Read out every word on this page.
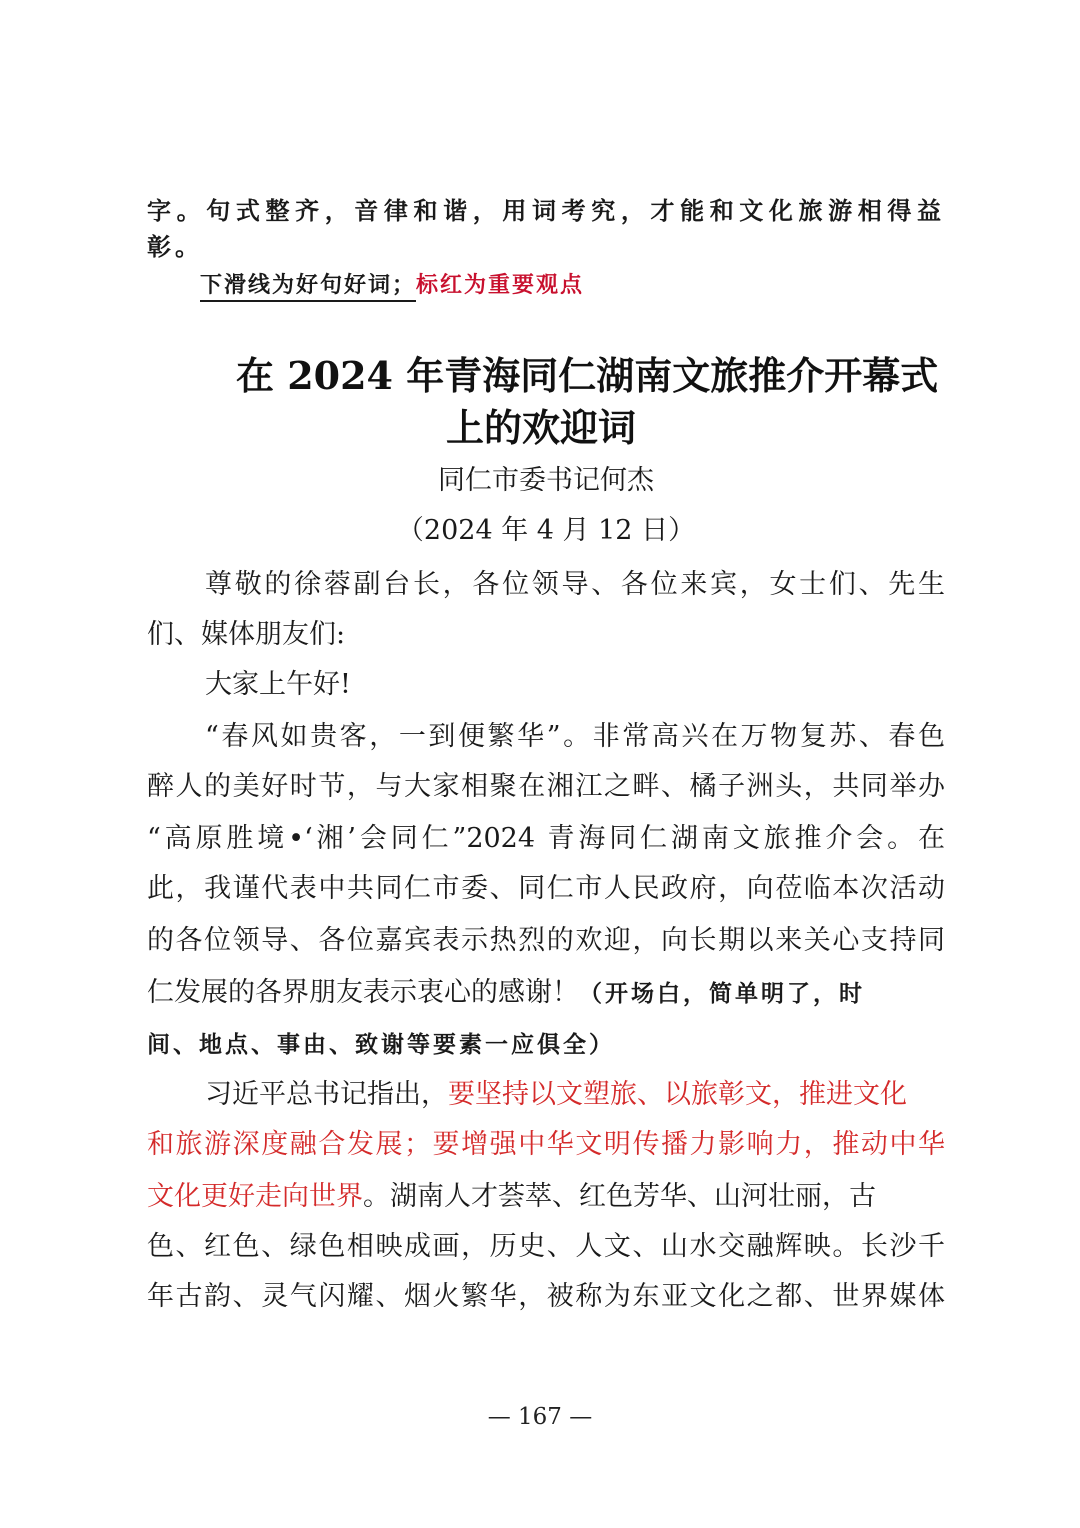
字。句式整齐，音律和谐，用词考究，才能和文化旅游相得益
彰。
下滑线为好句好词；标红为重要观点
在 2024 年青海同仁湖南文旅推介开幕式
上的欢迎词
同仁市委书记何杰
（2024 年 4 月 12 日）
尊敬的徐蓉副台长，各位领导、各位来宾，女士们、先生
们、媒体朋友们:
大家上午好!
“春风如贵客，一到便繁华”。非常高兴在万物复苏、春色
醉人的美好时节，与大家相聚在湘江之畔、橘子洲头，共同举办
“高原胜境•‘湘’会同仁”2024 青海同仁湖南文旅推介会。在
此，我谨代表中共同仁市委、同仁市人民政府，向莅临本次活动
的各位领导、各位嘉宾表示热烈的欢迎，向长期以来关心支持同
仁发展的各界朋友表示衷心的感谢！（开场白，简单明了，时
间、地点、事由、致谢等要素一应俱全）
习近平总书记指出，要坚持以文塑旅、以旅彰文，推进文化
和旅游深度融合发展；要增强中华文明传播力影响力，推动中华
文化更好走向世界。湖南人才荟萃、红色芳华、山河壮丽，古
色、红色、绿色相映成画，历史、人文、山水交融辉映。长沙千
年古韵、灵气闪耀、烟火繁华，被称为东亚文化之都、世界媒体
— 167 —
